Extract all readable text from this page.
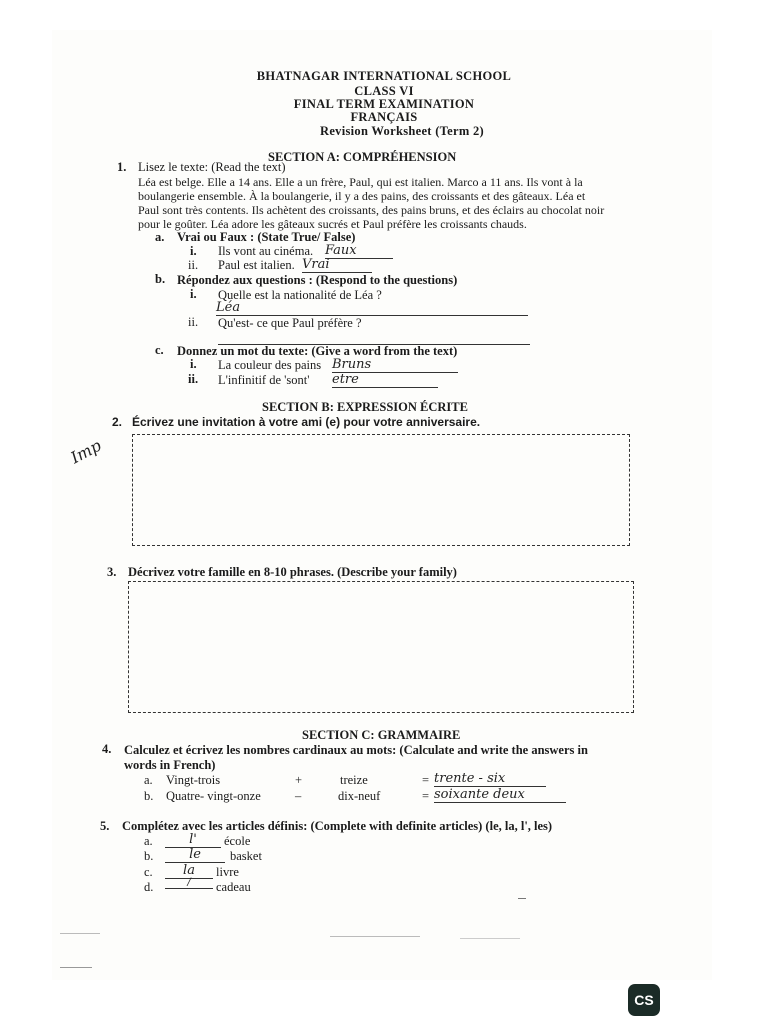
BHATNAGAR INTERNATIONAL SCHOOL
CLASS VI
FINAL TERM EXAMINATION
FRANÇAIS
Revision Worksheet (Term 2)
SECTION A: COMPRÉHENSION
1. Lisez le texte: (Read the text)
Léa est belge. Elle a 14 ans. Elle a un frère, Paul, qui est italien. Marco a 11 ans. Ils vont à la
boulangerie ensemble. À la boulangerie, il y a des pains, des croissants et des gâteaux. Léa et
Paul sont très contents. Ils achètent des croissants, des pains bruns, et des éclairs au chocolat noir
pour le goûter. Léa adore les gâteaux sucrés et Paul préfère les croissants chauds.
a. Vrai ou Faux : (State True/ False)
i. Ils vont au cinéma. Faux
ii. Paul est italien. Vrai
b. Répondez aux questions : (Respond to the questions)
i. Quelle est la nationalité de Léa ?
Léa
ii. Qu'est- ce que Paul préfère ?
c. Donnez un mot du texte: (Give a word from the text)
i. La couleur des pains Bruns
ii. L'infinitif de 'sont' etre
SECTION B: EXPRESSION ÉCRITE
2. Écrivez une invitation à votre ami (e) pour votre anniversaire.
Imp
3. Décrivez votre famille en 8-10 phrases. (Describe your family)
SECTION C: GRAMMAIRE
4. Calculez et écrivez les nombres cardinaux au mots: (Calculate and write the answers in
words in French)
a. Vingt-trois	+	treize	= trente - six
b. Quatre- vingt-onze	–	dix-neuf	= soixante deux
5. Complétez avec les articles définis: (Complete with definite articles) (le, la, l', les)
a.	l'	école
b.	le	basket
c.	la	livre
d.	/	cadeau
CS
